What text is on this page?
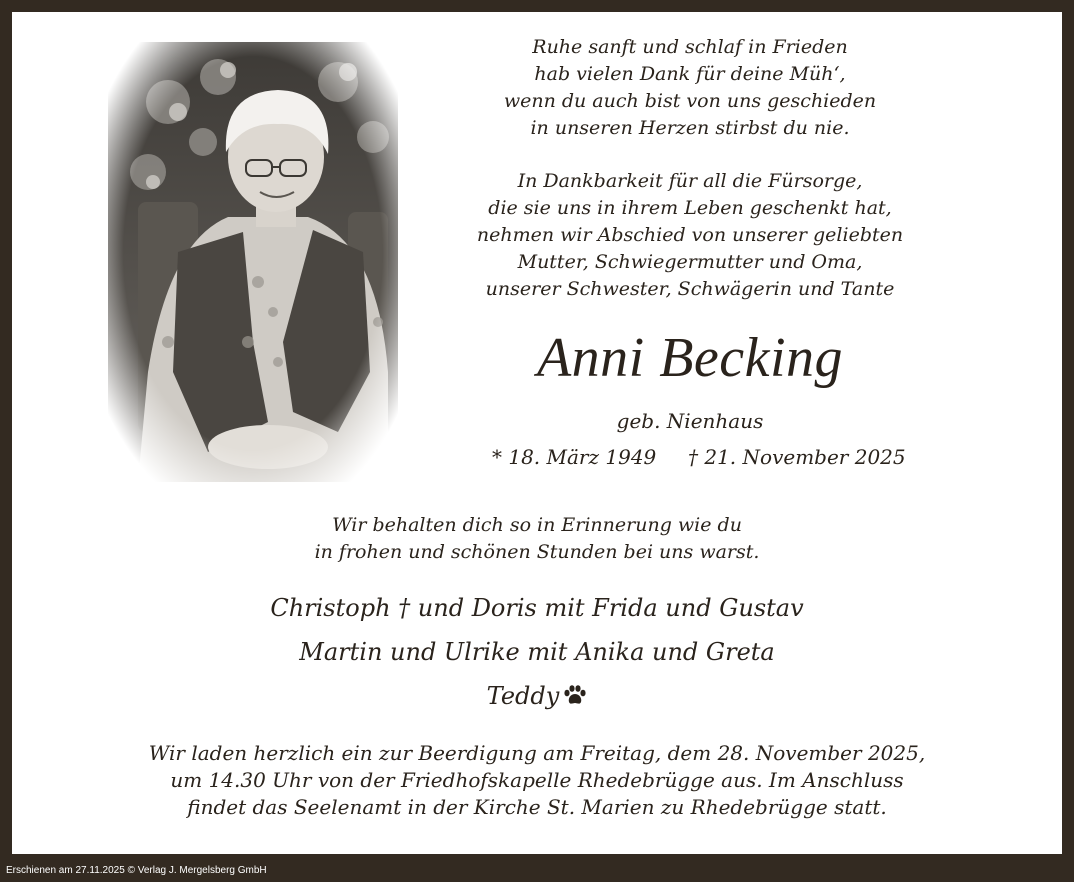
Ruhe sanft und schlaf in Frieden
hab vielen Dank für deine Müh‘,
wenn du auch bist von uns geschieden
in unseren Herzen stirbst du nie.
In Dankbarkeit für all die Fürsorge,
die sie uns in ihrem Leben geschenkt hat,
nehmen wir Abschied von unserer geliebten
Mutter, Schwiegermutter und Oma,
unserer Schwester, Schwägerin und Tante
Anni Becking
geb. Nienhaus
* 18. März 1949 † 21. November 2025
Wir behalten dich so in Erinnerung wie du
in frohen und schönen Stunden bei uns warst.
Christoph † und Doris mit Frida und Gustav
Martin und Ulrike mit Anika und Greta
Teddy
Wir laden herzlich ein zur Beerdigung am Freitag, dem 28. November 2025,
um 14.30 Uhr von der Friedhofskapelle Rhedebrügge aus. Im Anschluss
findet das Seelenamt in der Kirche St. Marien zu Rhedebrügge statt.
Erschienen am 27.11.2025 © Verlag J. Mergelsberg GmbH
